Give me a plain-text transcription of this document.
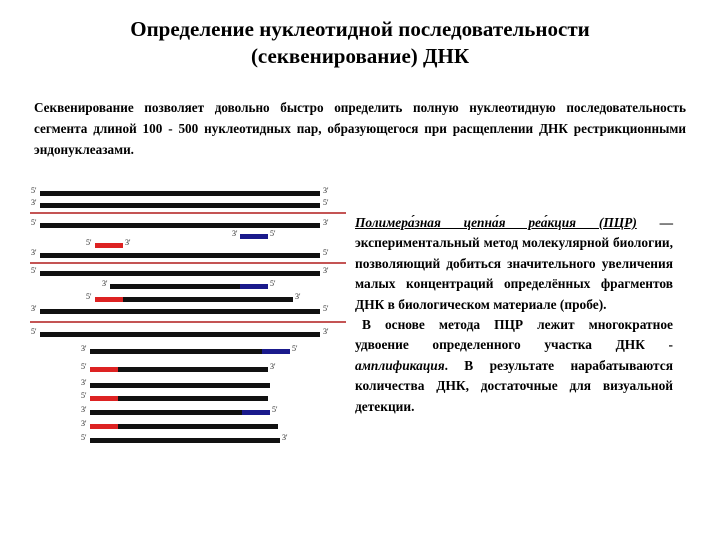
Определение нуклеотидной последовательности
(секвенирование) ДНК
Секвенирование позволяет довольно быстро определить полную нуклеотидную последовательность сегмента длиной 100 - 500 нуклеотидных пар, образующегося при расщеплении ДНК рестрикционными эндонуклеазами.
5'	3'
3'	5'
5'	3'
3'	5'
5'	3'
3'	5'
5'	3'
3'	5'
5'	3'
3'	5'
5'	3'
3'	5'
5'	3'
3'
5'
3'	5'
3'
5'	3'

Полимера́зная цепна́я реа́кция (ПЦР) — экспериментальный метод молекулярной биологии, позволяющий добиться значительного увеличения малых концентраций определённых фрагментов ДНК в биологическом материале (пробе).

В основе метода ПЦР лежит многократное удвоение определенного участка ДНК - амплификация. В результате нарабатываются количества ДНК, достаточные для визуальной детекции.
